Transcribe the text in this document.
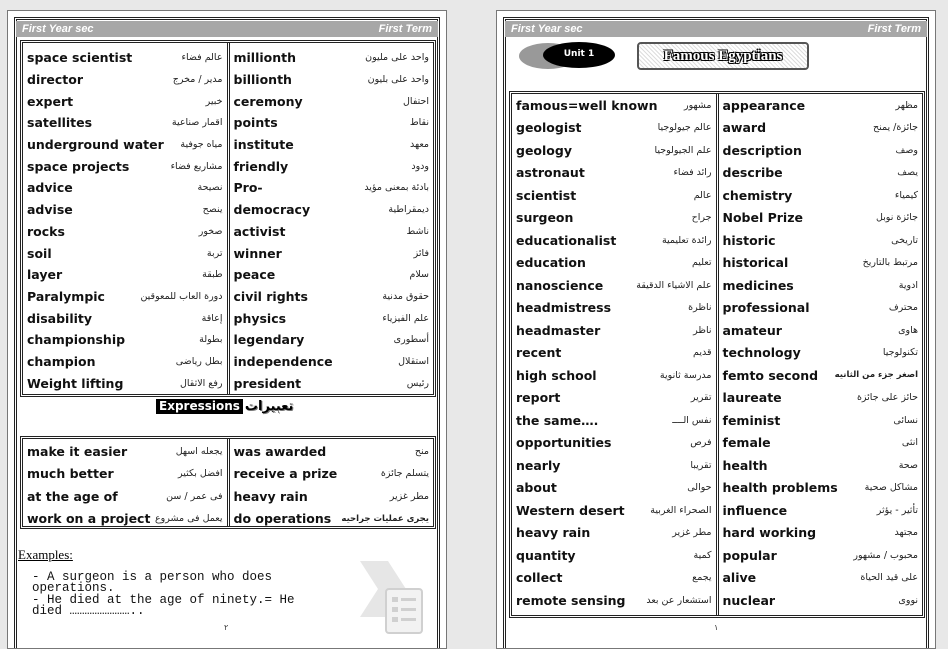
First Year sec	First Term
space scientist	عالم فضاء
director	مدير / مخرج
expert	خبير
satellites	اقمار صناعية
underground water مياه جوفية
space projects	مشاريع فضاء
advice	نصيحة
advise	ينصح
rocks	صخور
soil	تربة
layer	طبقة
Paralympic	دورة العاب للمعوقين
disability	إعاقة
championship	بطولة
champion	بطل رياضى
Weight lifting	رفع الاثقال
millionth	واحد على مليون
billionth	واحد على بليون
ceremony	احتفال
points	نقاط
institute	معهد
friendly	ودود
Pro-	بادئة بمعنى مؤيد
democracy	ديمقراطية
activist	ناشط
winner	فائز
peace	سلام
civil rights	حقوق مدنية
physics	علم الفيزياء
legendary	أسطورى
independence	استقلال
president	رئيس
Expressions تعبيرات
make it easier	يجعله اسهل
much better	افضل بكثير
at the age of	فى عمر / سن
work on a project يعمل فى مشروع
was awarded	منح
receive a prize	يتسلم جائزة
heavy rain	مطر غزير
do operations يجرى عمليات جراحيه
Examples:
- A surgeon is a person who does
operations.
- He died at the age of ninety.= He
died ……………………..
٢
First Year sec	First Term
Unit 1	Famous Egyptians
famous=well known	مشهور
geologist	عالم جيولوجيا
geology	علم الجيولوجيا
astronaut	رائد فضاء
scientist	عالم
surgeon	جراح
educationalist	رائدة تعليمية
education	تعليم
nanoscience	علم الاشياء الدقيقة
headmistress	ناظرة
headmaster	ناظر
recent	قديم
high school	مدرسة ثانوية
report	تقرير
the same….	نفس الــــ
opportunities	فرص
nearly	تقريبا
about	حوالى
Western desert	الصحراء الغربية
heavy rain	مطر غزير
quantity	كمية
collect	يجمع
remote sensing استشعار عن بعد
appearance	مظهر
award	جائزة/ يمنح
description	وصف
describe	يصف
chemistry	كيمياء
Nobel Prize	جائزة نوبل
historic	تاريخى
historical	مرتبط بالتاريخ
medicines	ادوية
professional	محترف
amateur	هاوى
technology	تكنولوجيا
femto second اصغر جزء من الثانيه
laureate	حائز على جائزة
feminist	نسائى
female	انثى
health	صحة
health problems	مشاكل صحية
influence	تأثير - يؤثر
hard working	مجتهد
popular	محبوب / مشهور
alive	على قيد الحياة
nuclear	نووى
١
